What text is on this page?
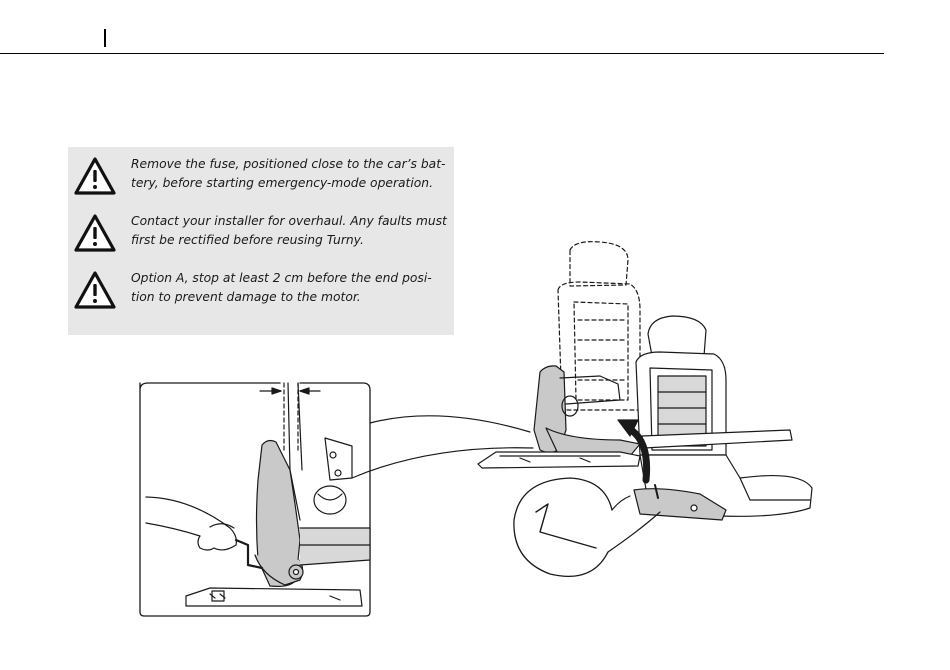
Remove the fuse, positioned close to the car’s bat-
tery, before starting emergency-mode operation.
Contact your installer for overhaul. Any faults must
first be rectified before reusing Turny.
Option A, stop at least 2 cm before the end posi-
tion to prevent damage to the motor.
